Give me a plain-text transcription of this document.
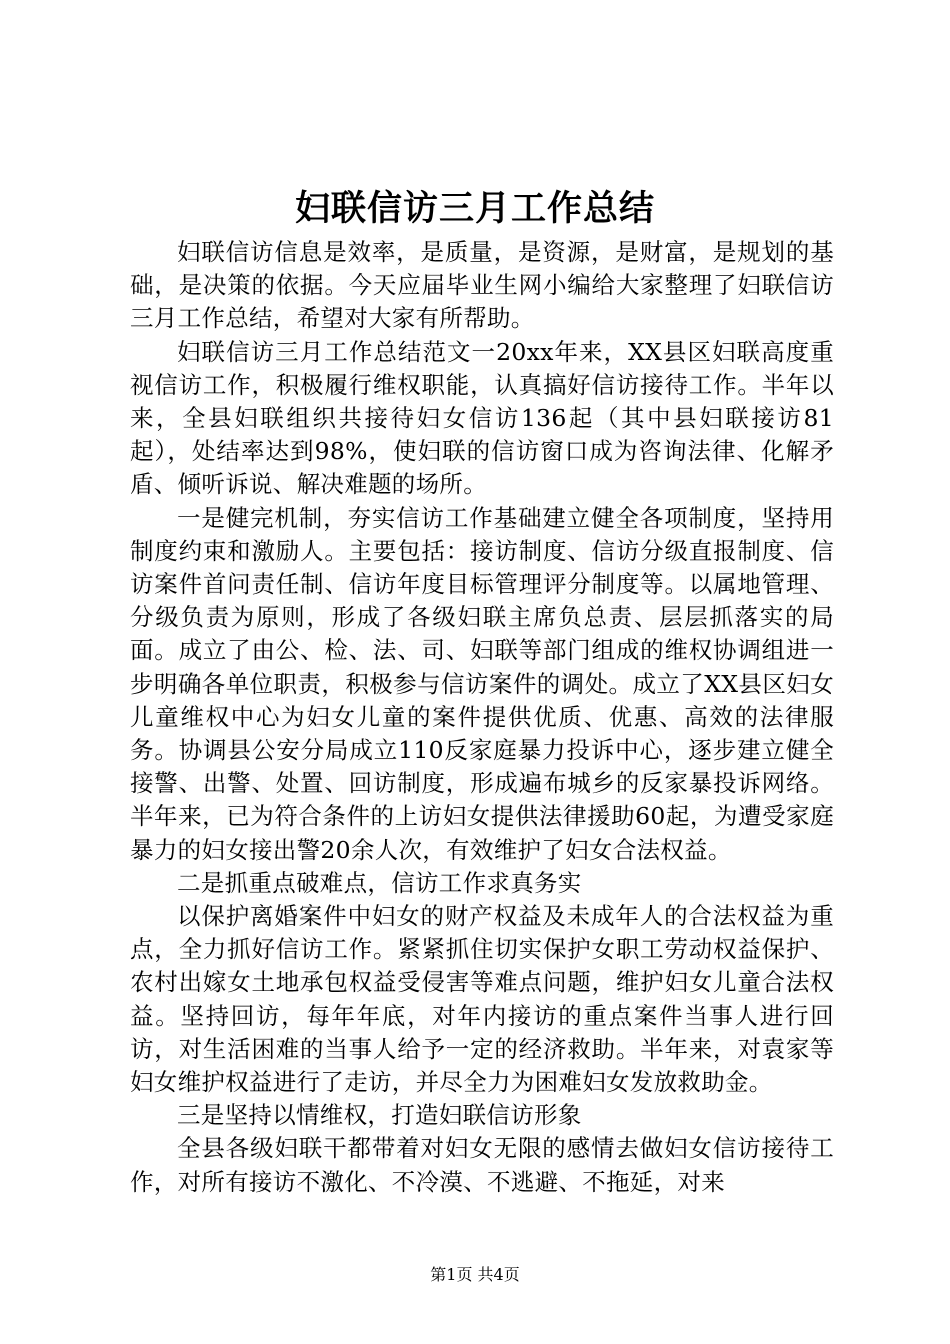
妇联信访三月工作总结

妇联信访信息是效率，是质量，是资源，是财富，是规划的基础，是决策的依据。今天应届毕业生网小编给大家整理了妇联信访三月工作总结，希望对大家有所帮助。

妇联信访三月工作总结范文一20xx年来，XX县区妇联高度重视信访工作，积极履行维权职能，认真搞好信访接待工作。半年以来，全县妇联组织共接待妇女信访136起（其中县妇联接访81起），处结率达到98%，使妇联的信访窗口成为咨询法律、化解矛盾、倾听诉说、解决难题的场所。

一是健完机制，夯实信访工作基础建立健全各项制度，坚持用制度约束和激励人。主要包括：接访制度、信访分级直报制度、信访案件首问责任制、信访年度目标管理评分制度等。以属地管理、分级负责为原则，形成了各级妇联主席负总责、层层抓落实的局面。成立了由公、检、法、司、妇联等部门组成的维权协调组进一步明确各单位职责，积极参与信访案件的调处。成立了XX县区妇女儿童维权中心为妇女儿童的案件提供优质、优惠、高效的法律服务。协调县公安分局成立110反家庭暴力投诉中心，逐步建立健全接警、出警、处置、回访制度，形成遍布城乡的反家暴投诉网络。半年来，已为符合条件的上访妇女提供法律援助60起，为遭受家庭暴力的妇女接出警20余人次，有效维护了妇女合法权益。

二是抓重点破难点，信访工作求真务实

以保护离婚案件中妇女的财产权益及未成年人的合法权益为重点，全力抓好信访工作。紧紧抓住切实保护女职工劳动权益保护、农村出嫁女土地承包权益受侵害等难点问题，维护妇女儿童合法权益。坚持回访，每年年底，对年内接访的重点案件当事人进行回访，对生活困难的当事人给予一定的经济救助。半年来，对袁家等妇女维护权益进行了走访，并尽全力为困难妇女发放救助金。

三是坚持以情维权，打造妇联信访形象

全县各级妇联干都带着对妇女无限的感情去做妇女信访接待工作，对所有接访不激化、不冷漠、不逃避、不拖延，对来

第1页 共4页
